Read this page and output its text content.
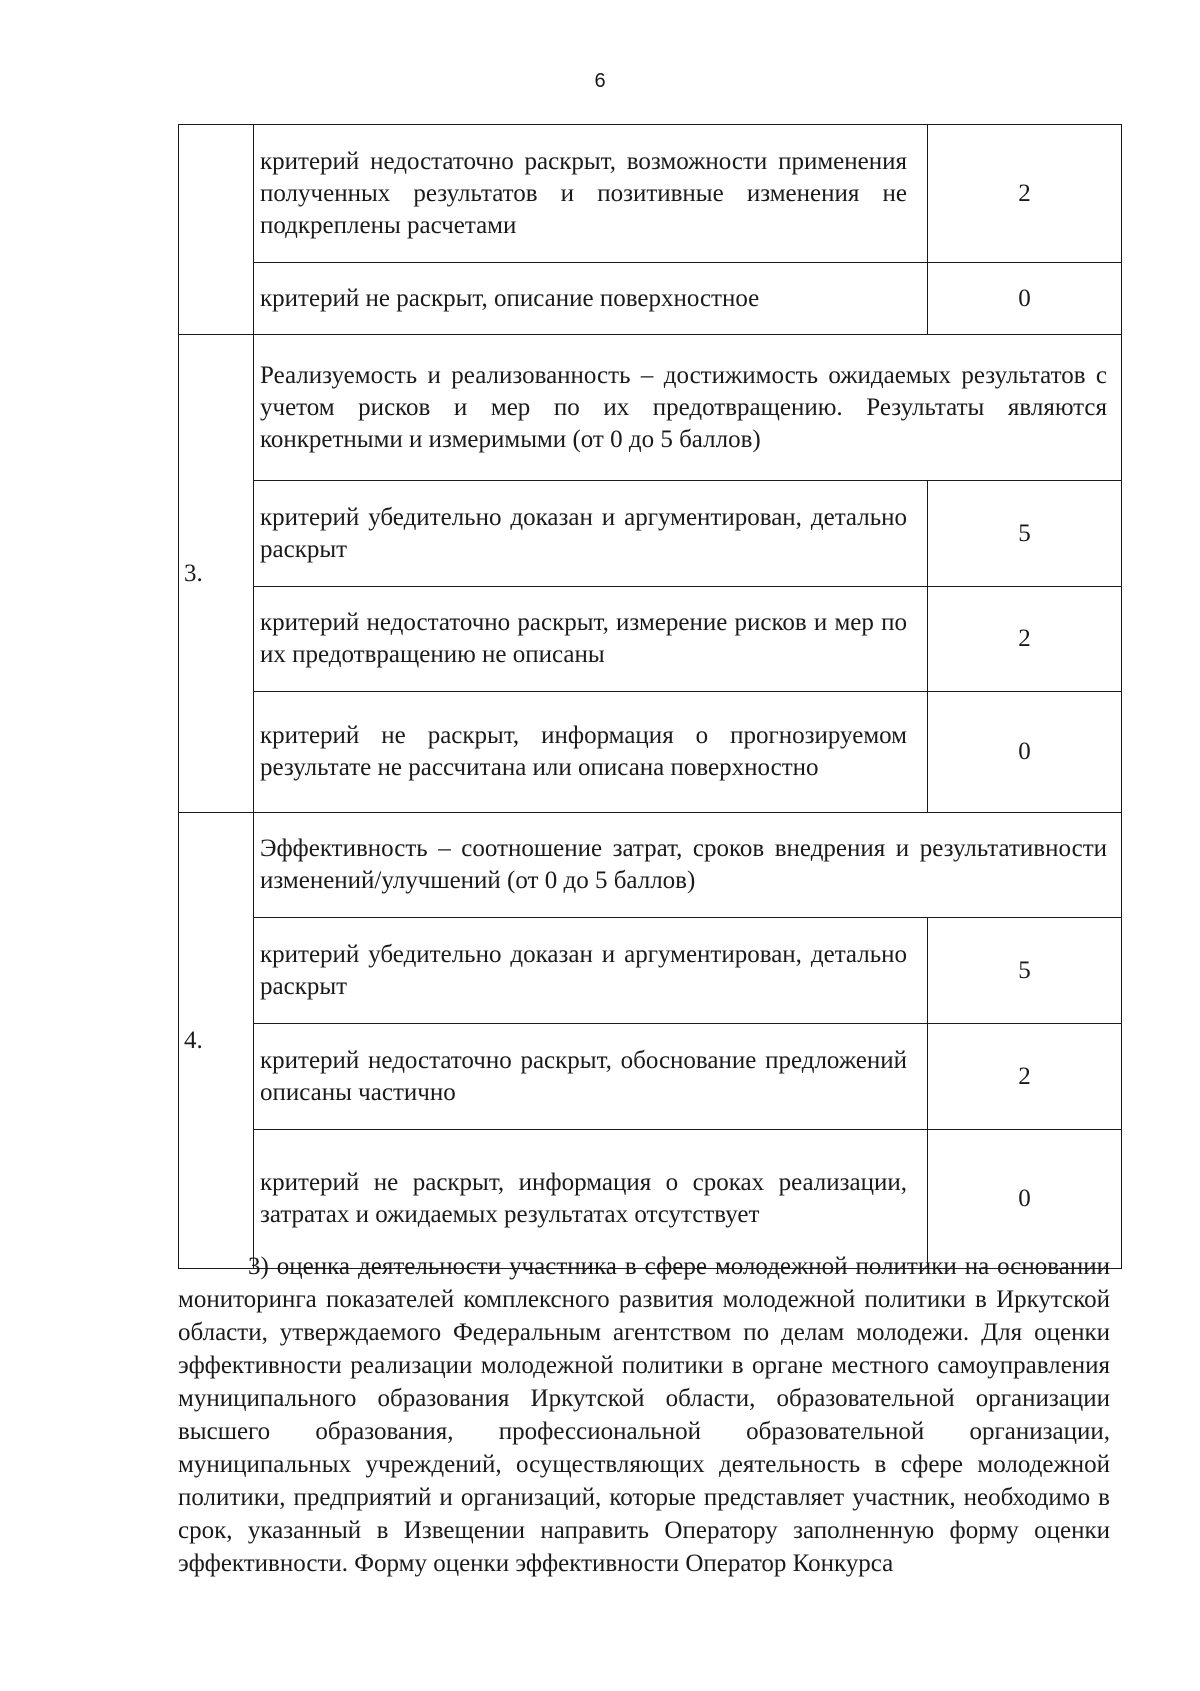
6
	критерий недостаточно раскрыт, возможности применения полученных результатов и позитивные изменения не подкреплены расчетами	2
	критерий не раскрыт, описание поверхностное	0
3.	Реализуемость и реализованность – достижимость ожидаемых результатов с учетом рисков и мер по их предотвращению. Результаты являются конкретными и измеримыми (от 0 до 5 баллов)	
	критерий убедительно доказан и аргументирован, детально раскрыт	5
	критерий недостаточно раскрыт, измерение рисков и мер по их предотвращению не описаны	2
	критерий не раскрыт, информация о прогнозируемом результате не рассчитана или описана поверхностно	0
4.	Эффективность – соотношение затрат, сроков внедрения и результативности изменений/улучшений (от 0 до 5 баллов)	
	критерий убедительно доказан и аргументирован, детально раскрыт	5
	критерий недостаточно раскрыт, обоснование предложений описаны частично	2
	критерий не раскрыт, информация о сроках реализации, затратах и ожидаемых результатах отсутствует	0

3) оценка деятельности участника в сфере молодежной политики на основании мониторинга показателей комплексного развития молодежной политики в Иркутской области, утверждаемого Федеральным агентством по делам молодежи. Для оценки эффективности реализации молодежной политики в органе местного самоуправления муниципального образования Иркутской области, образовательной организации высшего образования, профессиональной образовательной организации, муниципальных учреждений, осуществляющих деятельность в сфере молодежной политики, предприятий и организаций, которые представляет участник, необходимо в срок, указанный в Извещении направить Оператору заполненную форму оценки эффективности. Форму оценки эффективности Оператор Конкурса
